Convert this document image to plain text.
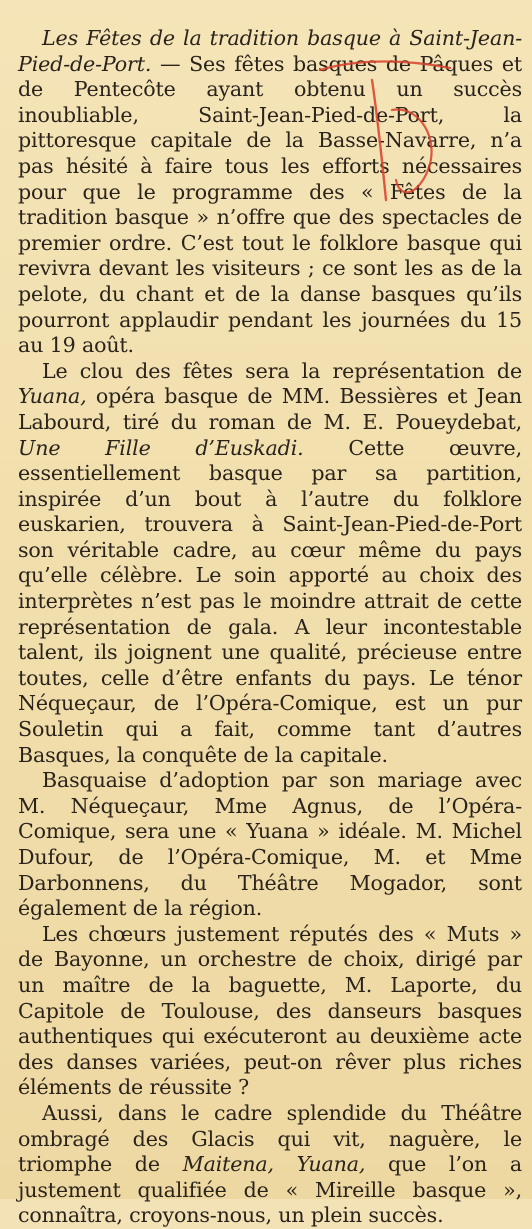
Les Fêtes de la tradition basque à Saint-Jean-Pied-de-Port. — Ses fêtes basques de Pâques et de Pentecôte ayant obtenu un succès inoubliable, Saint-Jean-Pied-de-Port, la pittoresque capitale de la Basse-Navarre, n’a pas hésité à faire tous les efforts nécessaires pour que le programme des « Fêtes de la tradition basque » n’offre que des spectacles de premier ordre. C’est tout le folklore basque qui revivra devant les visiteurs ; ce sont les as de la pelote, du chant et de la danse basques qu’ils pourront applaudir pendant les journées du 15 au 19 août.

Le clou des fêtes sera la représentation de Yuana, opéra basque de MM. Bessières et Jean Labourd, tiré du roman de M. E. Poueydebat, Une Fille d’Euskadi. Cette œuvre, essentiellement basque par sa partition, inspirée d’un bout à l’autre du folklore euskarien, trouvera à Saint-Jean-Pied-de-Port son véritable cadre, au cœur même du pays qu’elle célèbre. Le soin apporté au choix des interprètes n’est pas le moindre attrait de cette représentation de gala. A leur incontestable talent, ils joignent une qualité, précieuse entre toutes, celle d’être enfants du pays. Le ténor Néqueçaur, de l’Opéra-Comique, est un pur Souletin qui a fait, comme tant d’autres Basques, la conquête de la capitale.

Basquaise d’adoption par son mariage avec M. Néqueçaur, Mme Agnus, de l’Opéra-Comique, sera une « Yuana » idéale. M. Michel Dufour, de l’Opéra-Comique, M. et Mme Darbonnens, du Théâtre Mogador, sont également de la région.

Les chœurs justement réputés des « Muts » de Bayonne, un orchestre de choix, dirigé par un maître de la baguette, M. Laporte, du Capitole de Toulouse, des danseurs basques authentiques qui exécuteront au deuxième acte des danses variées, peut-on rêver plus riches éléments de réussite ?

Aussi, dans le cadre splendide du Théâtre ombragé des Glacis qui vit, naguère, le triomphe de Maitena, Yuana, que l’on a justement qualifiée de « Mireille basque », connaîtra, croyons-nous, un plein succès.
